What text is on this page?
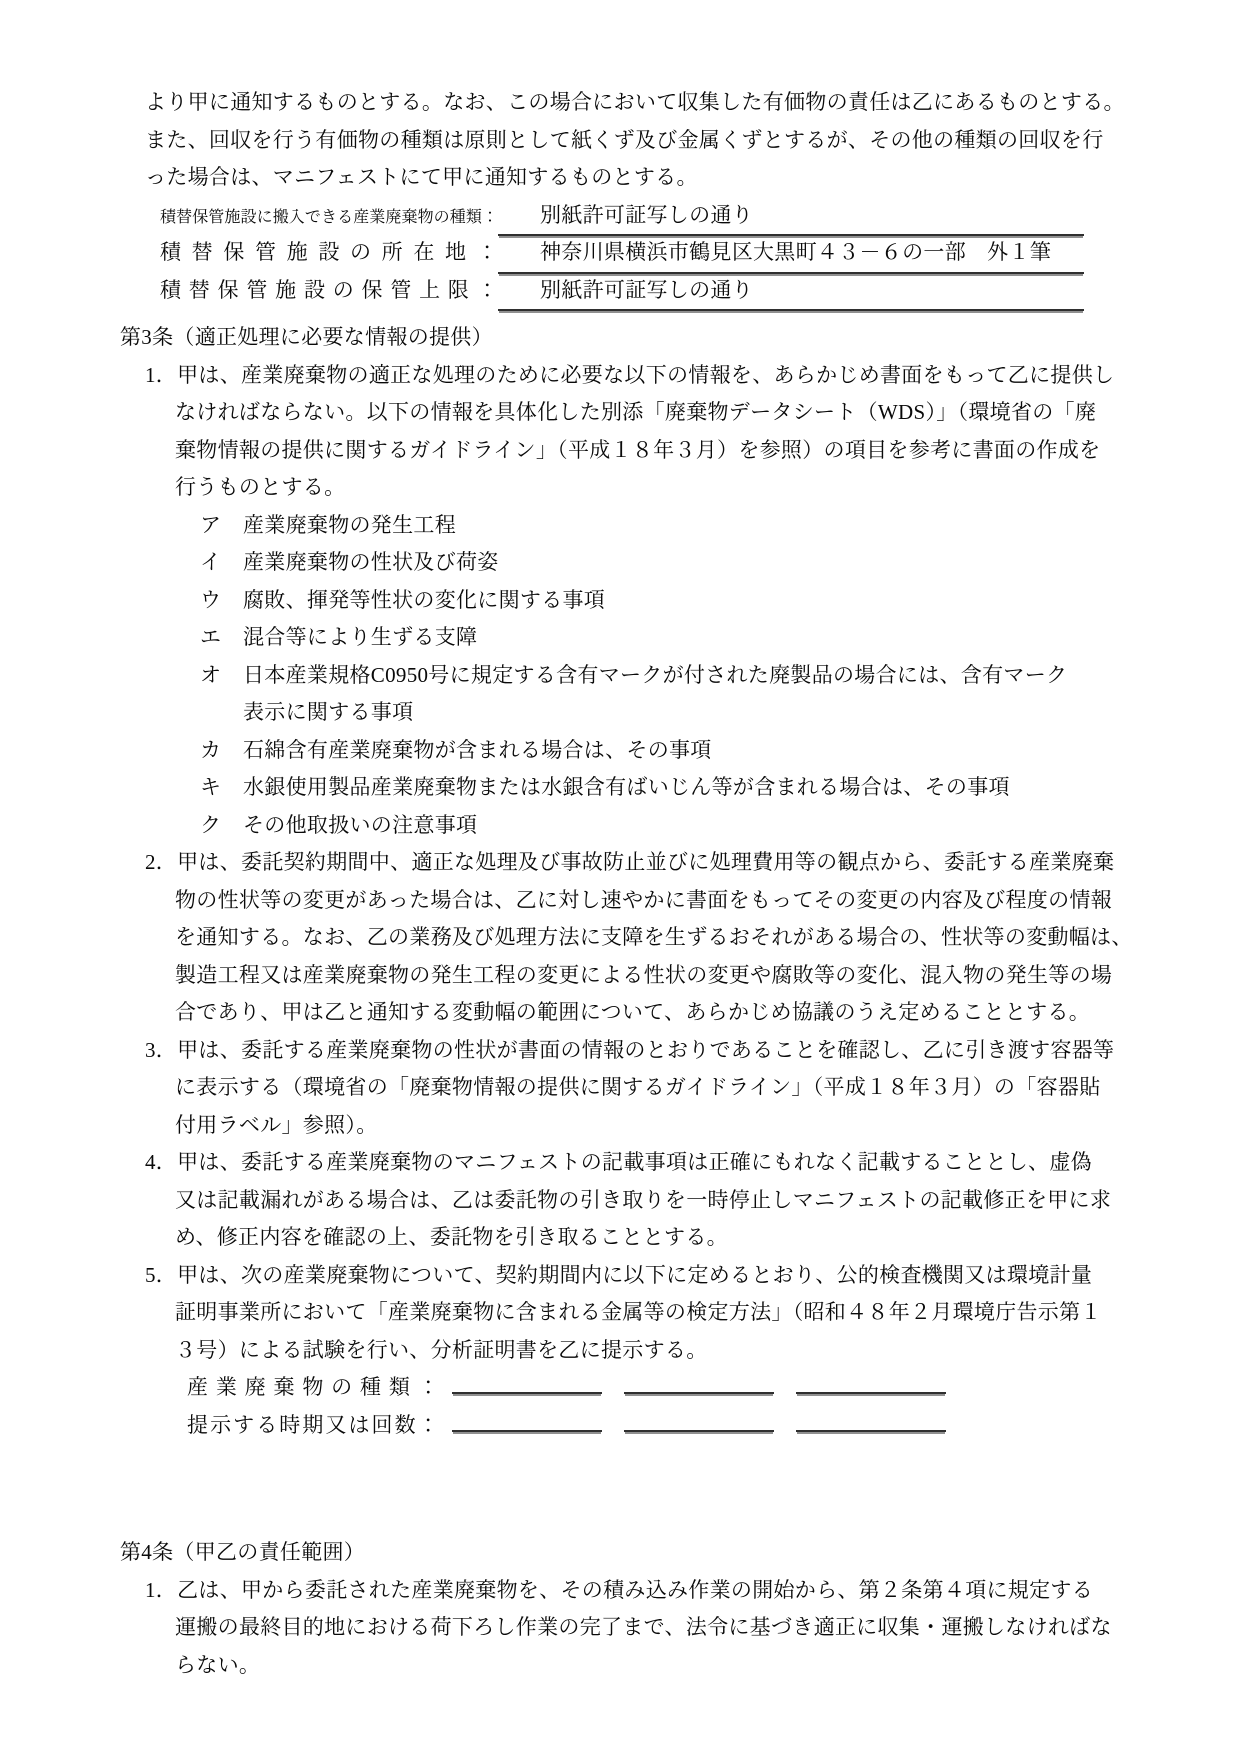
より甲に通知するものとする。なお、この場合において収集した有価物の責任は乙にあるものとする。
また、回収を行う有価物の種類は原則として紙くず及び金属くずとするが、その他の種類の回収を行
った場合は、マニフェストにて甲に通知するものとする。
積替保管施設に搬入できる産業廃棄物の種類：	別紙許可証写しの通り
積替保管施設の所在地：	神奈川県横浜市鶴見区大黒町４３－６の一部　外１筆
積替保管施設の保管上限：	別紙許可証写しの通り
第3条（適正処理に必要な情報の提供）
1．甲は、産業廃棄物の適正な処理のために必要な以下の情報を、あらかじめ書面をもって乙に提供し
なければならない。以下の情報を具体化した別添「廃棄物データシート（WDS）」（環境省の「廃
棄物情報の提供に関するガイドライン」（平成１８年３月）を参照）の項目を参考に書面の作成を
行うものとする。
ア 産業廃棄物の発生工程
イ 産業廃棄物の性状及び荷姿
ウ 腐敗、揮発等性状の変化に関する事項
エ 混合等により生ずる支障
オ 日本産業規格C0950号に規定する含有マークが付された廃製品の場合には、含有マーク
表示に関する事項
カ 石綿含有産業廃棄物が含まれる場合は、その事項
キ 水銀使用製品産業廃棄物または水銀含有ばいじん等が含まれる場合は、その事項
ク その他取扱いの注意事項
2．甲は、委託契約期間中、適正な処理及び事故防止並びに処理費用等の観点から、委託する産業廃棄
物の性状等の変更があった場合は、乙に対し速やかに書面をもってその変更の内容及び程度の情報
を通知する。なお、乙の業務及び処理方法に支障を生ずるおそれがある場合の、性状等の変動幅は、
製造工程又は産業廃棄物の発生工程の変更による性状の変更や腐敗等の変化、混入物の発生等の場
合であり、甲は乙と通知する変動幅の範囲について、あらかじめ協議のうえ定めることとする。
3．甲は、委託する産業廃棄物の性状が書面の情報のとおりであることを確認し、乙に引き渡す容器等
に表示する（環境省の「廃棄物情報の提供に関するガイドライン」（平成１８年３月）の「容器貼
付用ラベル」参照）。
4．甲は、委託する産業廃棄物のマニフェストの記載事項は正確にもれなく記載することとし、虚偽
又は記載漏れがある場合は、乙は委託物の引き取りを一時停止しマニフェストの記載修正を甲に求
め、修正内容を確認の上、委託物を引き取ることとする。
5．甲は、次の産業廃棄物について、契約期間内に以下に定めるとおり、公的検査機関又は環境計量
証明事業所において「産業廃棄物に含まれる金属等の検定方法」（昭和４８年２月環境庁告示第１
３号）による試験を行い、分析証明書を乙に提示する。
産業廃棄物の種類：
提示する時期又は回数：
第4条（甲乙の責任範囲）
1．乙は、甲から委託された産業廃棄物を、その積み込み作業の開始から、第２条第４項に規定する
運搬の最終目的地における荷下ろし作業の完了まで、法令に基づき適正に収集・運搬しなければな
らない。
